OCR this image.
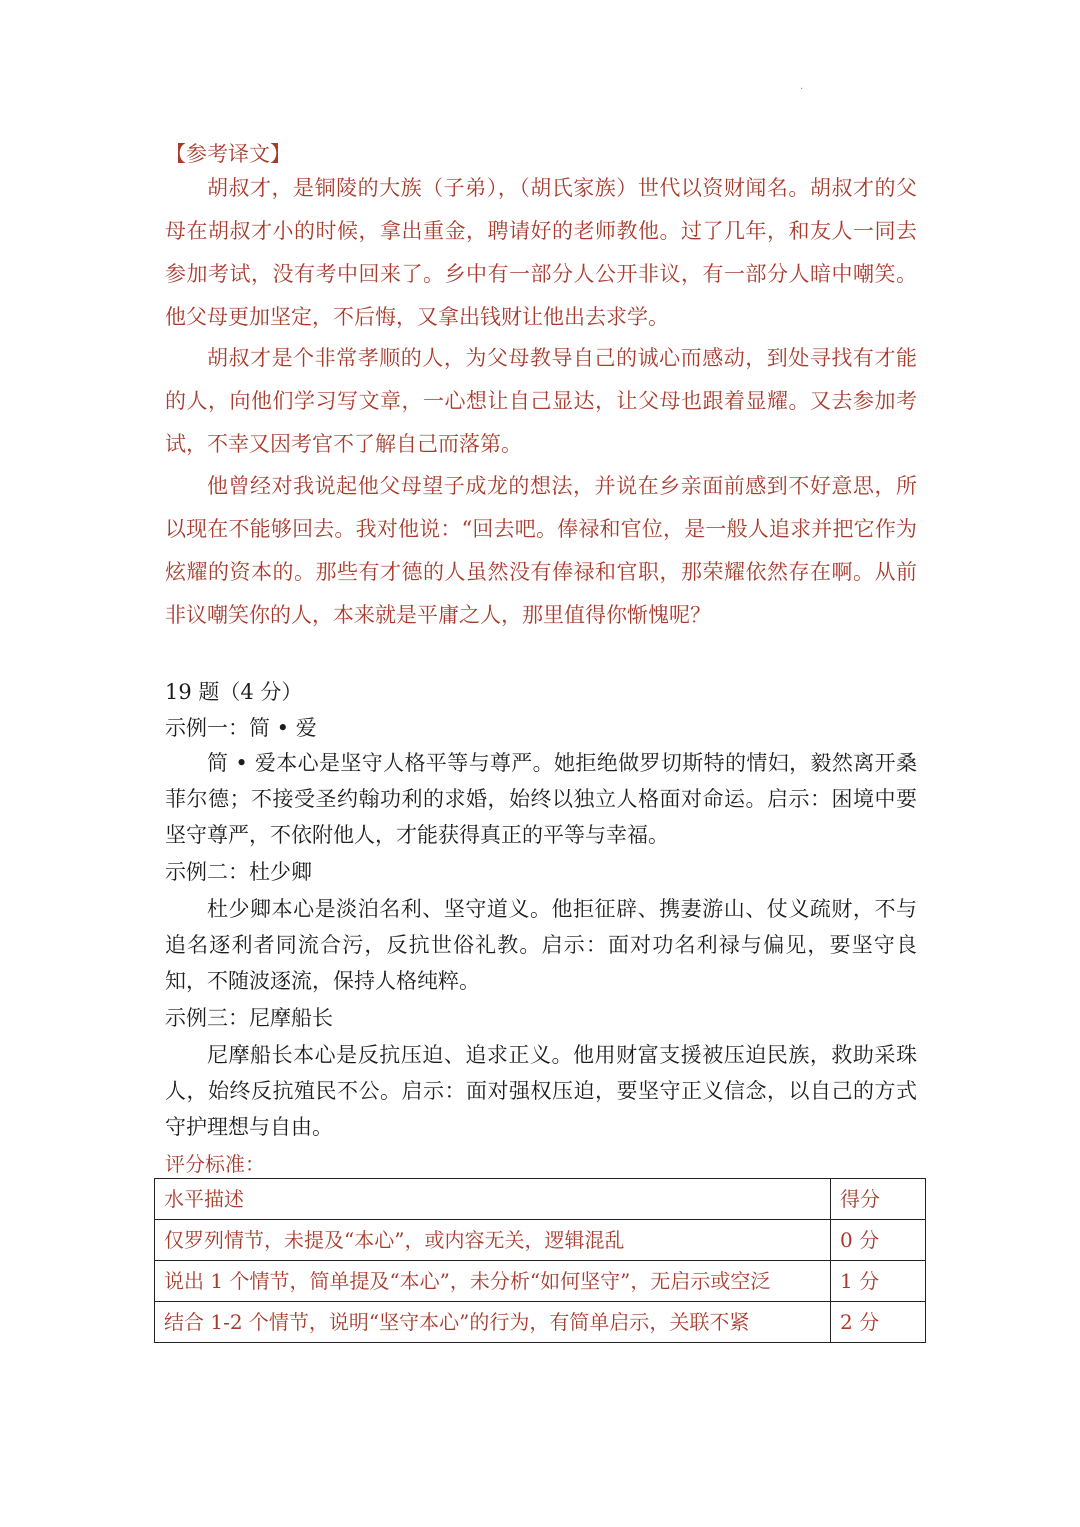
·
【参考译文】

胡叔才，是铜陵的大族（子弟），（胡氏家族）世代以资财闻名。胡叔才的父母在胡叔才小的时候，拿出重金，聘请好的老师教他。过了几年，和友人一同去参加考试，没有考中回来了。乡中有一部分人公开非议，有一部分人暗中嘲笑。他父母更加坚定，不后悔，又拿出钱财让他出去求学。

胡叔才是个非常孝顺的人，为父母教导自己的诚心而感动，到处寻找有才能的人，向他们学习写文章，一心想让自己显达，让父母也跟着显耀。又去参加考试，不幸又因考官不了解自己而落第。

他曾经对我说起他父母望子成龙的想法，并说在乡亲面前感到不好意思，所以现在不能够回去。我对他说：“回去吧。俸禄和官位，是一般人追求并把它作为炫耀的资本的。那些有才德的人虽然没有俸禄和官职，那荣耀依然存在啊。从前非议嘲笑你的人，本来就是平庸之人，那里值得你惭愧呢？

19 题（4 分）
示例一：简 • 爱

简 • 爱本心是坚守人格平等与尊严。她拒绝做罗切斯特的情妇，毅然离开桑菲尔德；不接受圣约翰功利的求婚，始终以独立人格面对命运。启示：困境中要坚守尊严，不依附他人，才能获得真正的平等与幸福。

示例二：杜少卿

杜少卿本心是淡泊名利、坚守道义。他拒征辟、携妻游山、仗义疏财，不与追名逐利者同流合污，反抗世俗礼教。启示：面对功名利禄与偏见，要坚守良知，不随波逐流，保持人格纯粹。

示例三：尼摩船长

尼摩船长本心是反抗压迫、追求正义。他用财富支援被压迫民族，救助采珠人，始终反抗殖民不公。启示：面对强权压迫，要坚守正义信念，以自己的方式守护理想与自由。

评分标准：
水平描述	得分
仅罗列情节，未提及“本心”，或内容无关，逻辑混乱	0 分
说出 1 个情节，简单提及“本心”，未分析“如何坚守”，无启示或空泛	1 分
结合 1-2 个情节，说明“坚守本心”的行为，有简单启示，关联不紧	2 分
